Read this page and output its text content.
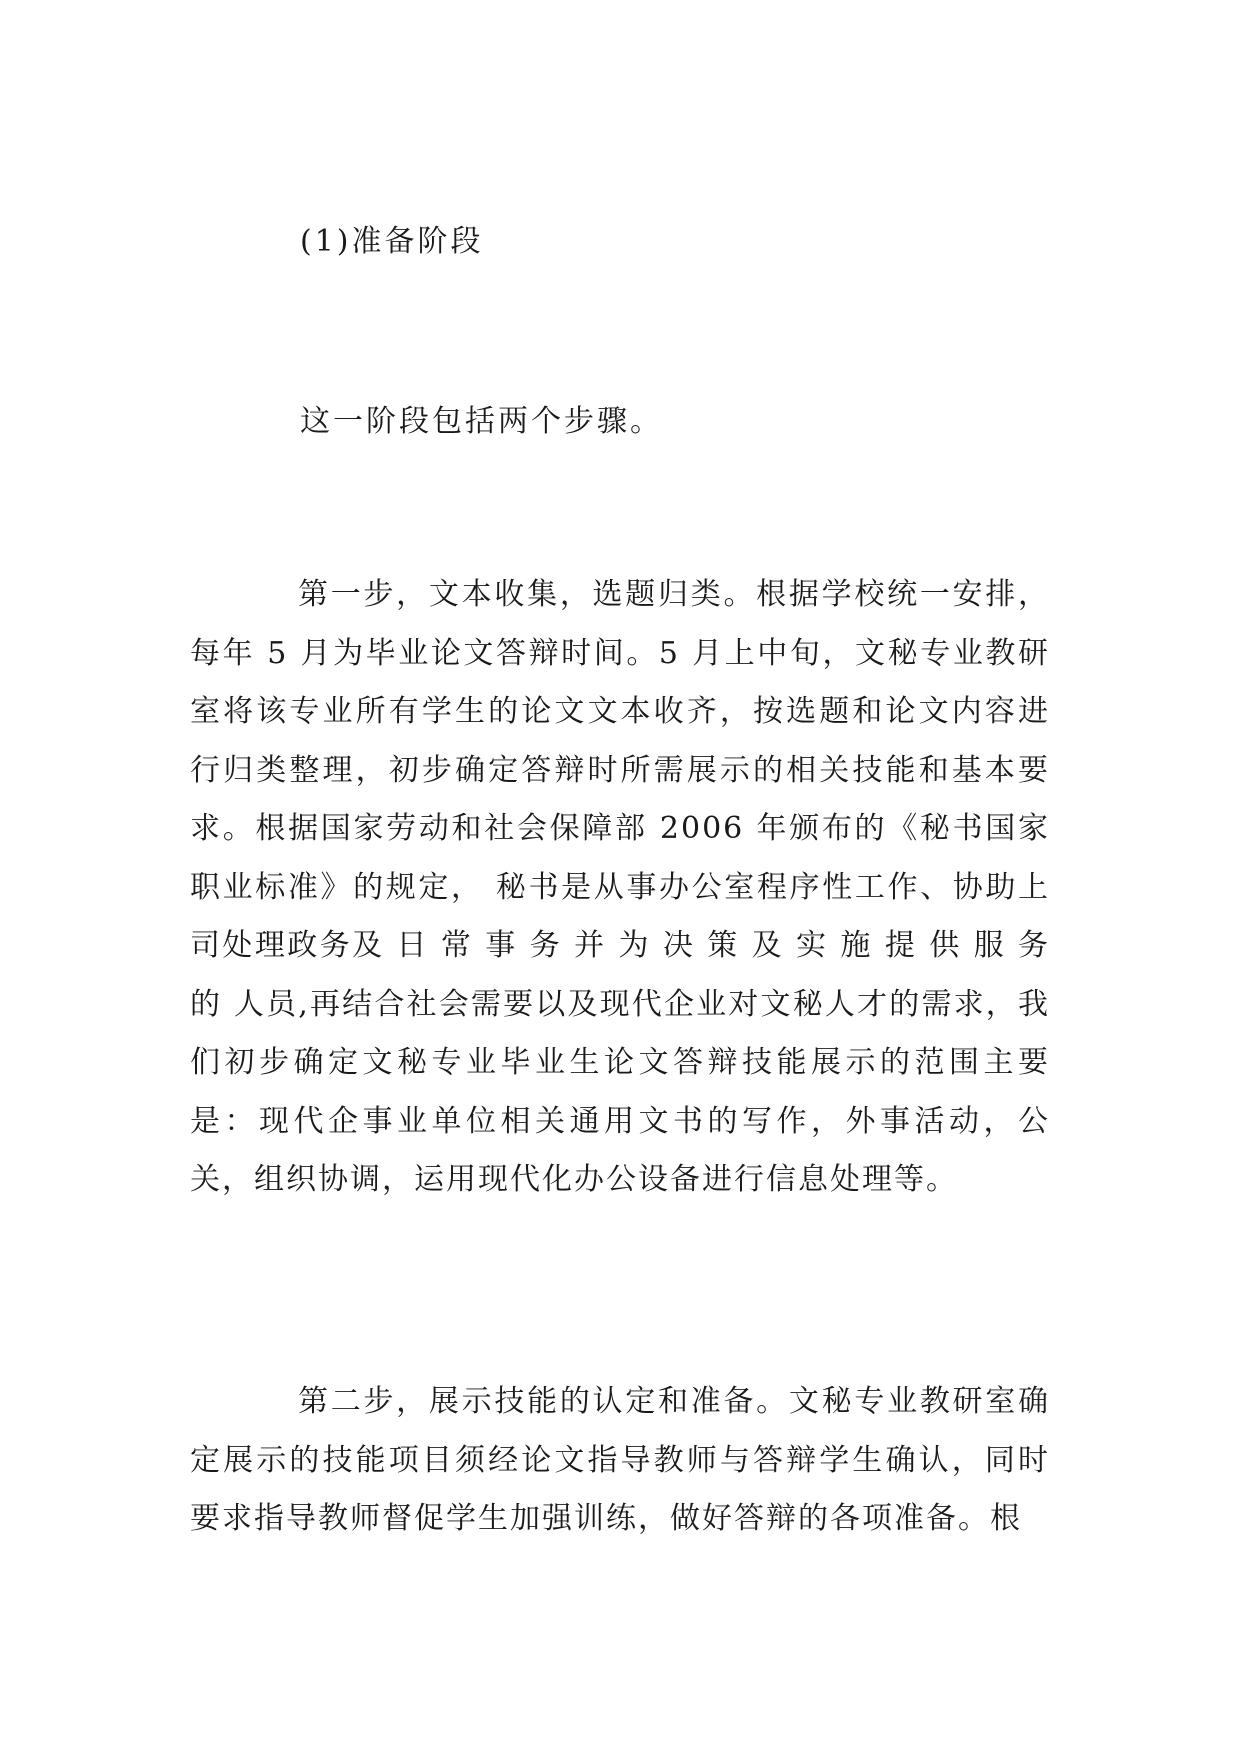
(1)准备阶段
这一阶段包括两个步骤。

第一步，文本收集，选题归类。根据学校统一安排，每年 5 月为毕业论文答辩时间。5 月上中旬，文秘专业教研室将该专业所有学生的论文文本收齐，按选题和论文内容进行归类整理，初步确定答辩时所需展示的相关技能和基本要求。根据国家劳动和社会保障部 2006 年颁布的《秘书国家职业标准》的规定， 秘书是从事办公室程序性工作、协助上司处理政务及 日 常 事 务 并 为 决 策 及 实 施 提 供 服 务 的 人员,再结合社会需要以及现代企业对文秘人才的需求，我们初步确定文秘专业毕业生论文答辩技能展示的范围主要是：现代企事业单位相关通用文书的写作，外事活动，公关，组织协调，运用现代化办公设备进行信息处理等。

第二步，展示技能的认定和准备。文秘专业教研室确定展示的技能项目须经论文指导教师与答辩学生确认，同时要求指导教师督促学生加强训练，做好答辩的各项准备。根
